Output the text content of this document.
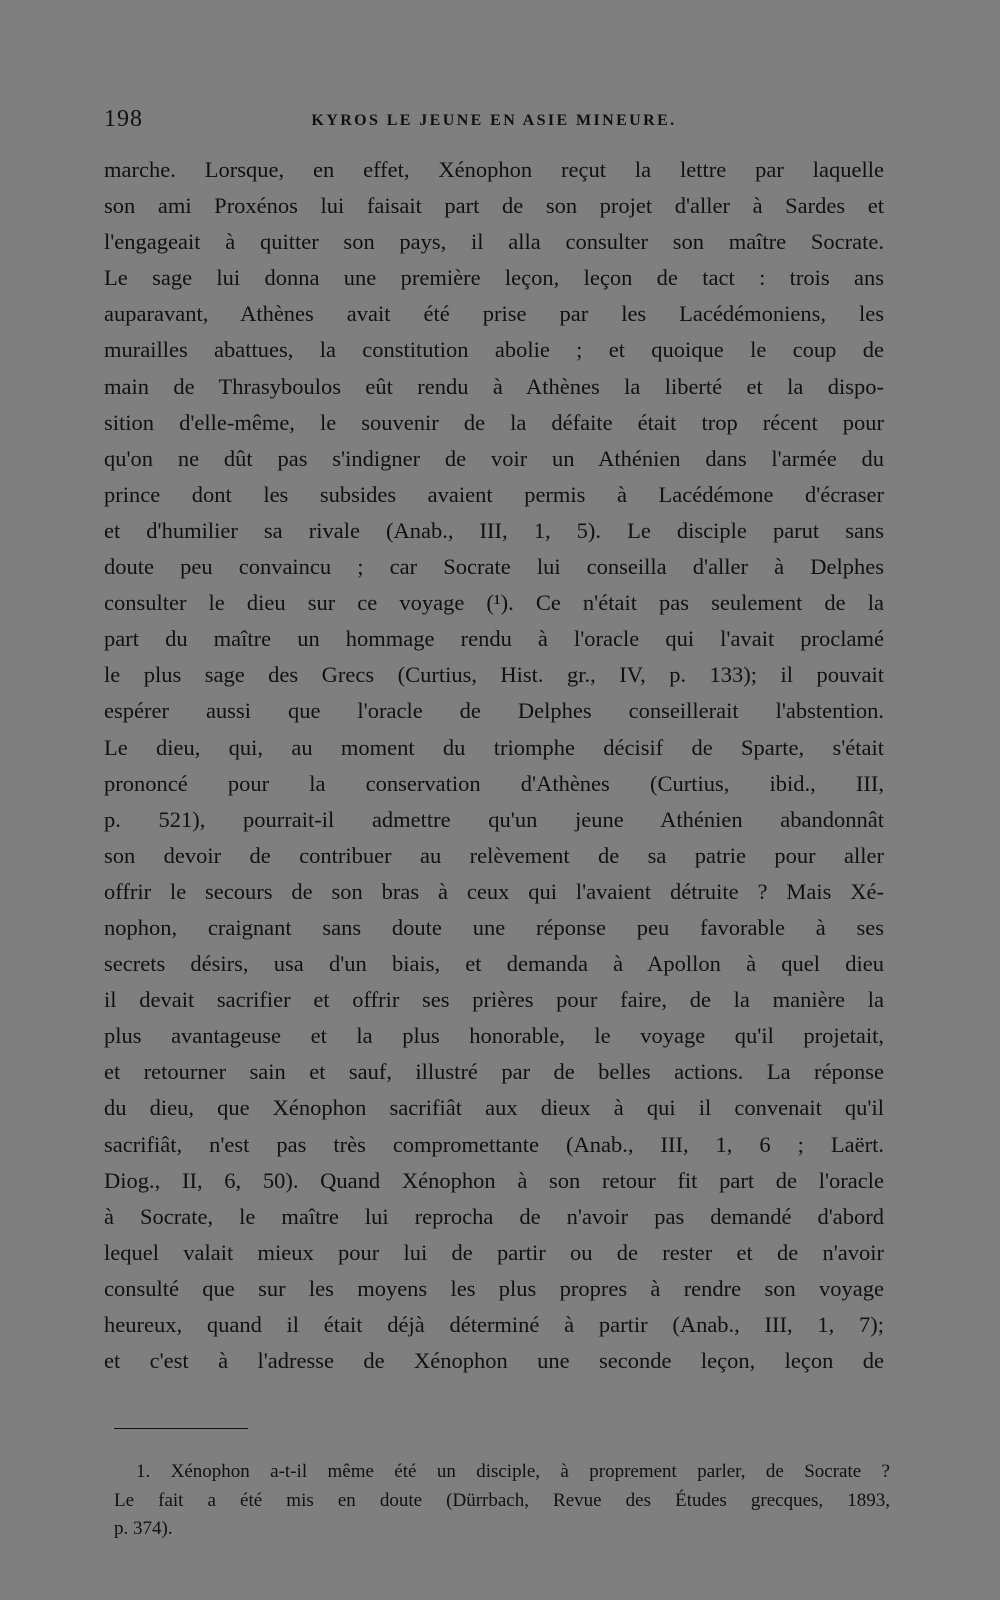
198	KYROS LE JEUNE EN ASIE MINEURE.
marche. Lorsque, en effet, Xénophon reçut la lettre par laquelle
son ami Proxénos lui faisait part de son projet d'aller à Sardes et
l'engageait à quitter son pays, il alla consulter son maître Socrate.
Le sage lui donna une première leçon, leçon de tact : trois ans
auparavant, Athènes avait été prise par les Lacédémoniens, les
murailles abattues, la constitution abolie ; et quoique le coup de
main de Thrasyboulos eût rendu à Athènes la liberté et la dispo-
sition d'elle-même, le souvenir de la défaite était trop récent pour
qu'on ne dût pas s'indigner de voir un Athénien dans l'armée du
prince dont les subsides avaient permis à Lacédémone d'écraser
et d'humilier sa rivale (Anab., III, 1, 5). Le disciple parut sans
doute peu convaincu ; car Socrate lui conseilla d'aller à Delphes
consulter le dieu sur ce voyage (¹). Ce n'était pas seulement de la
part du maître un hommage rendu à l'oracle qui l'avait proclamé
le plus sage des Grecs (Curtius, Hist. gr., IV, p. 133); il pouvait
espérer aussi que l'oracle de Delphes conseillerait l'abstention.
Le dieu, qui, au moment du triomphe décisif de Sparte, s'était
prononcé pour la conservation d'Athènes (Curtius, ibid., III,
p. 521), pourrait-il admettre qu'un jeune Athénien abandonnât
son devoir de contribuer au relèvement de sa patrie pour aller
offrir le secours de son bras à ceux qui l'avaient détruite ? Mais Xé-
nophon, craignant sans doute une réponse peu favorable à ses
secrets désirs, usa d'un biais, et demanda à Apollon à quel dieu
il devait sacrifier et offrir ses prières pour faire, de la manière la
plus avantageuse et la plus honorable, le voyage qu'il projetait,
et retourner sain et sauf, illustré par de belles actions. La réponse
du dieu, que Xénophon sacrifiât aux dieux à qui il convenait qu'il
sacrifiât, n'est pas très compromettante (Anab., III, 1, 6 ; Laërt.
Diog., II, 6, 50). Quand Xénophon à son retour fit part de l'oracle
à Socrate, le maître lui reprocha de n'avoir pas demandé d'abord
lequel valait mieux pour lui de partir ou de rester et de n'avoir
consulté que sur les moyens les plus propres à rendre son voyage
heureux, quand il était déjà déterminé à partir (Anab., III, 1, 7);
et c'est à l'adresse de Xénophon une seconde leçon, leçon de
1. Xénophon a-t-il même été un disciple, à proprement parler, de Socrate ?
Le fait a été mis en doute (Dürrbach, Revue des Études grecques, 1893,
p. 374).
